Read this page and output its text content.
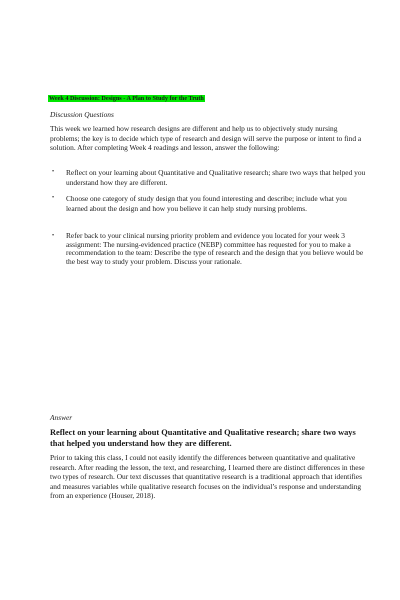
Week 4 Discussion: Designs - A Plan to Study for the Truth
Discussion Questions

This week we learned how research designs are different and help us to objectively study nursing problems; the key is to decide which type of research and design will serve the purpose or intent to find a solution. After completing Week 4 readings and lesson, answer the following:

•	Reflect on your learning about Quantitative and Qualitative research; share two ways that helped you understand how they are different.
•	Choose one category of study design that you found interesting and describe; include what you learned about the design and how you believe it can help study nursing problems.
•	Refer back to your clinical nursing priority problem and evidence you located for your week 3 assignment: The nursing-evidenced practice (NEBP) committee has requested for you to make a recommendation to the team: Describe the type of research and the design that you believe would be the best way to study your problem. Discuss your rationale.
Answer

Reflect on your learning about Quantitative and Qualitative research; share two ways that helped you understand how they are different.

Prior to taking this class, I could not easily identify the differences between quantitative and qualitative research. After reading the lesson, the text, and researching, I learned there are distinct differences in these two types of research. Our text discusses that quantitative research is a traditional approach that identifies and measures variables while qualitative research focuses on the individual’s response and understanding from an experience (Houser, 2018).
